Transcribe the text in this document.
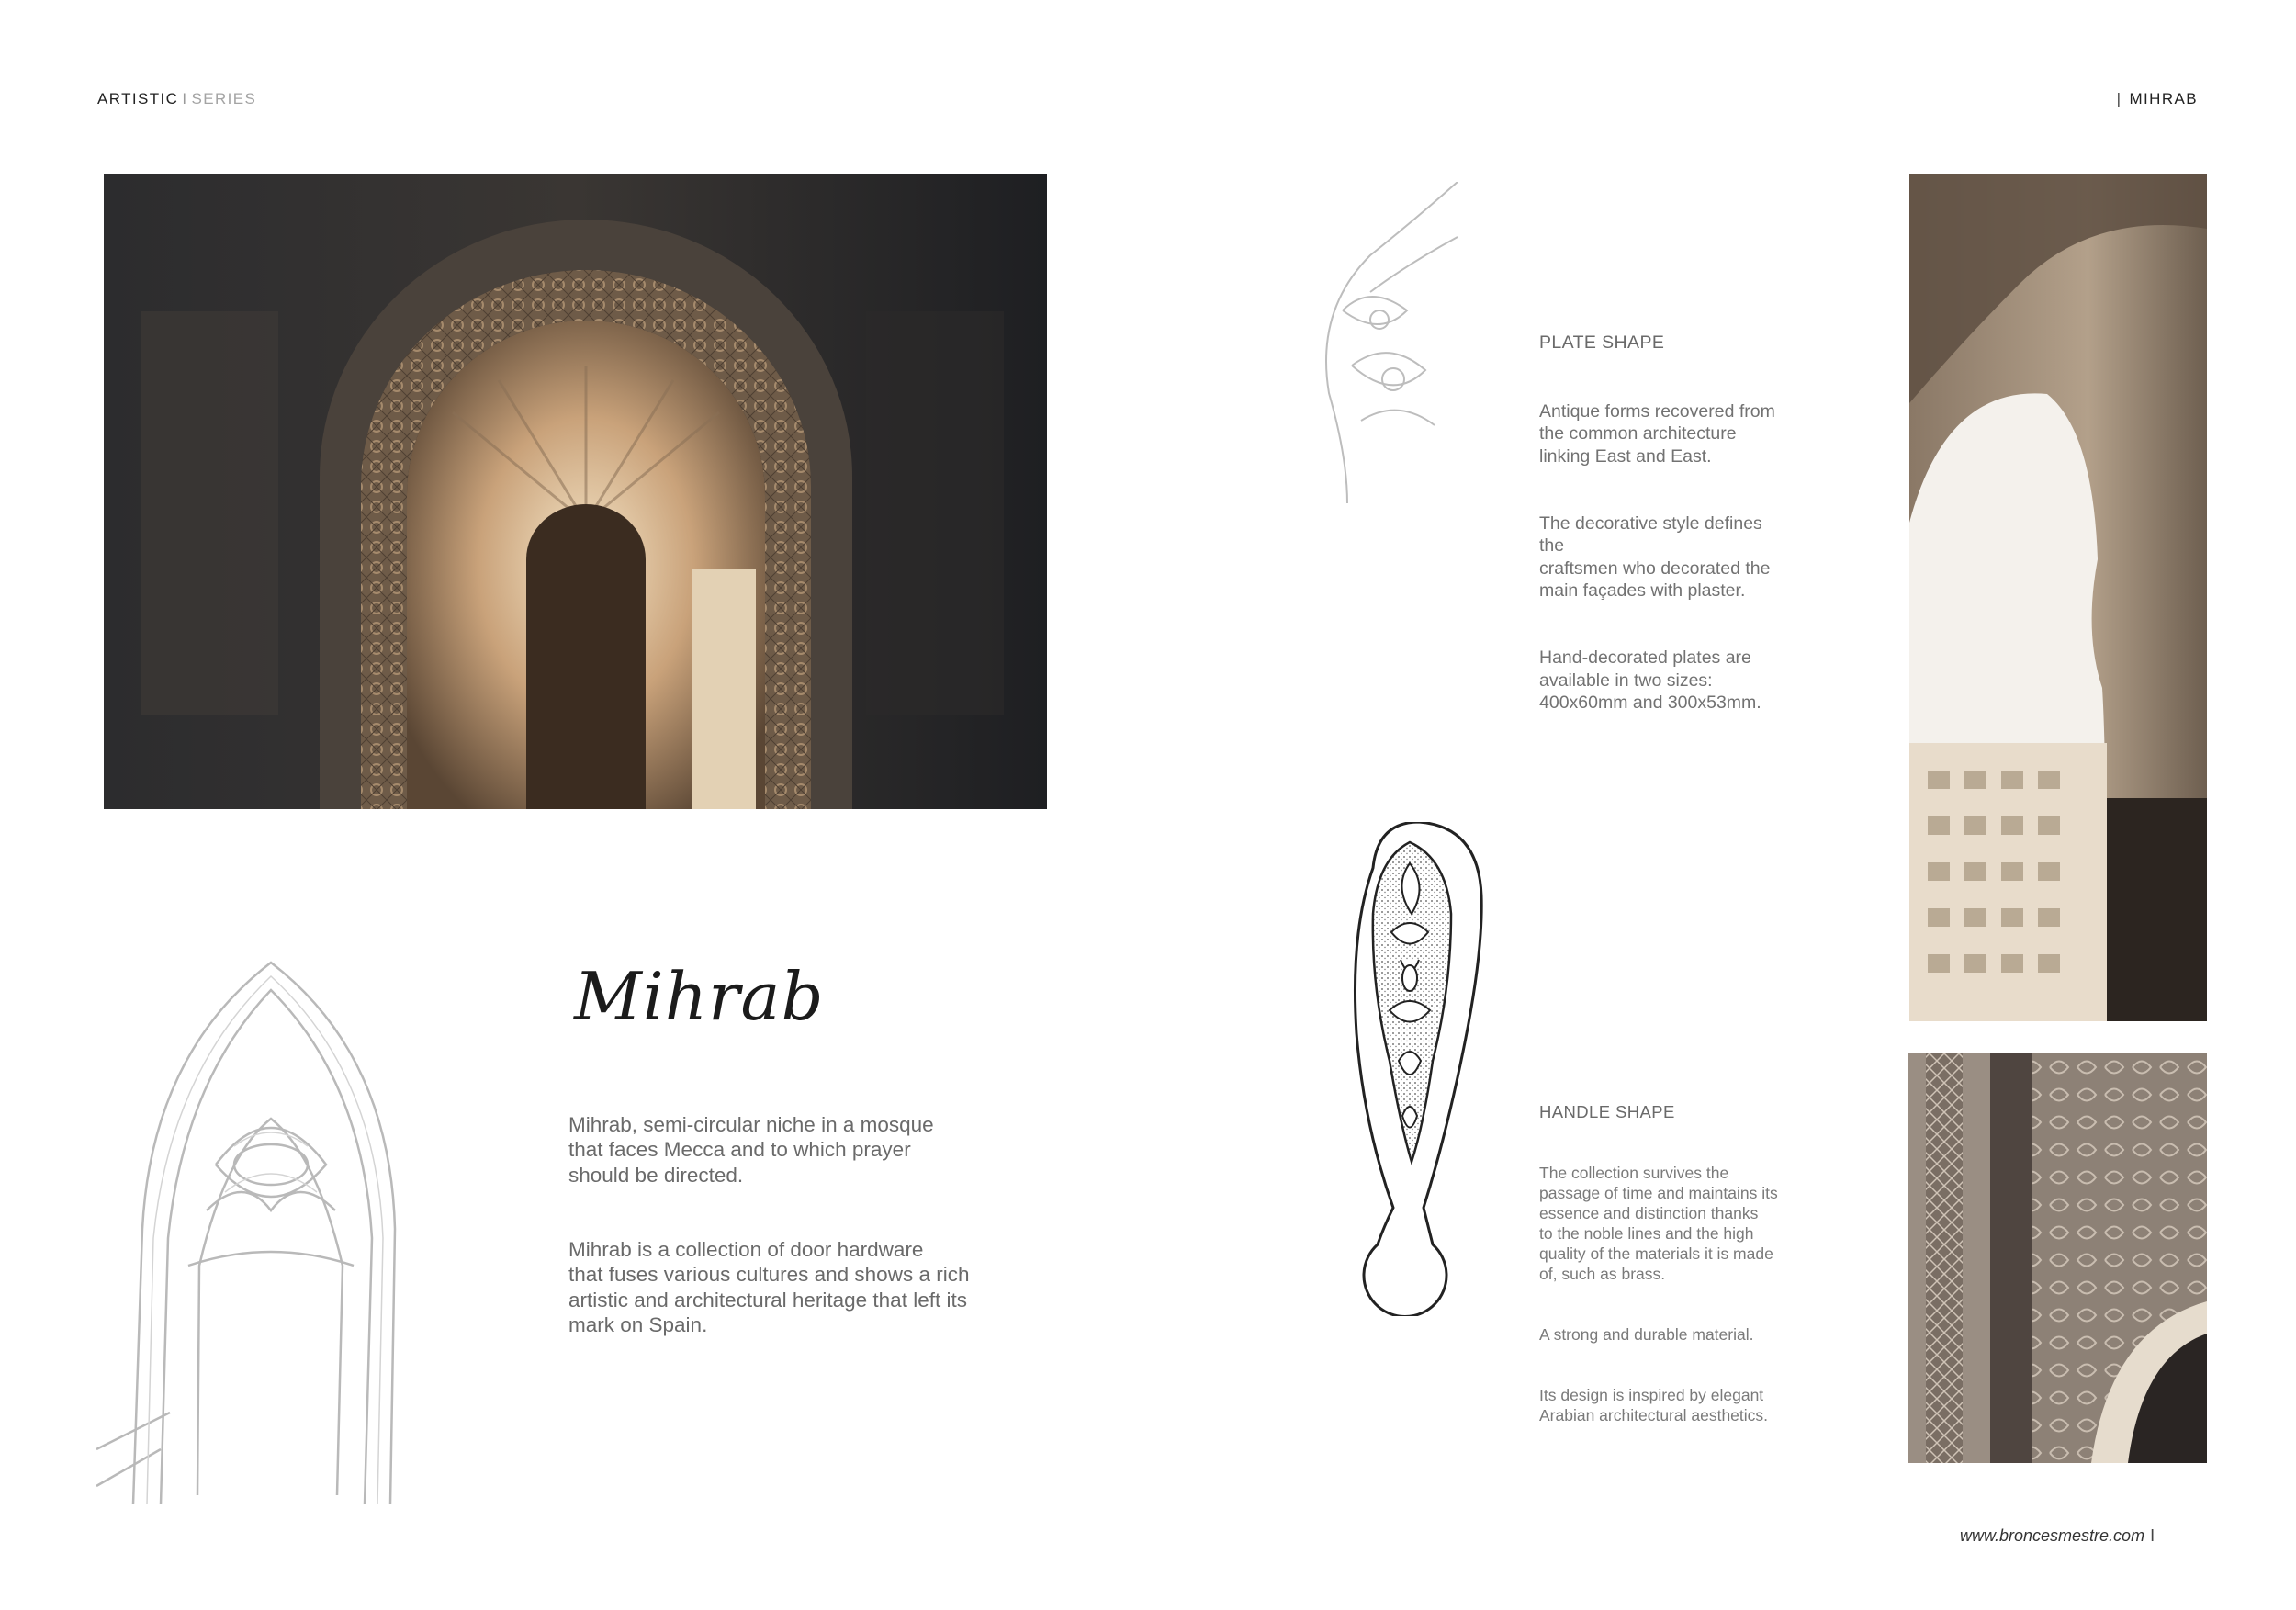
ARTISTIC I SERIES	| MIHRAB
Mihrab

Mihrab, semi-circular niche in a mosque
that faces Mecca and to which prayer
should be directed.

Mihrab is a collection of door hardware
that fuses various cultures and shows a rich
artistic and architectural heritage that left its
mark on Spain.

PLATE SHAPE

Antique forms recovered from
the common architecture
linking East and East.

The decorative style defines
the
craftsmen who decorated the
main façades with plaster.

Hand-decorated plates are
available in two sizes:
400x60mm and 300x53mm.

HANDLE SHAPE

The collection survives the
passage of time and maintains its
essence and distinction thanks
to the noble lines and the high
quality of the materials it is made
of, such as brass.

A strong and durable material.

Its design is inspired by elegant
Arabian architectural aesthetics.

www.broncesmestre.com I
